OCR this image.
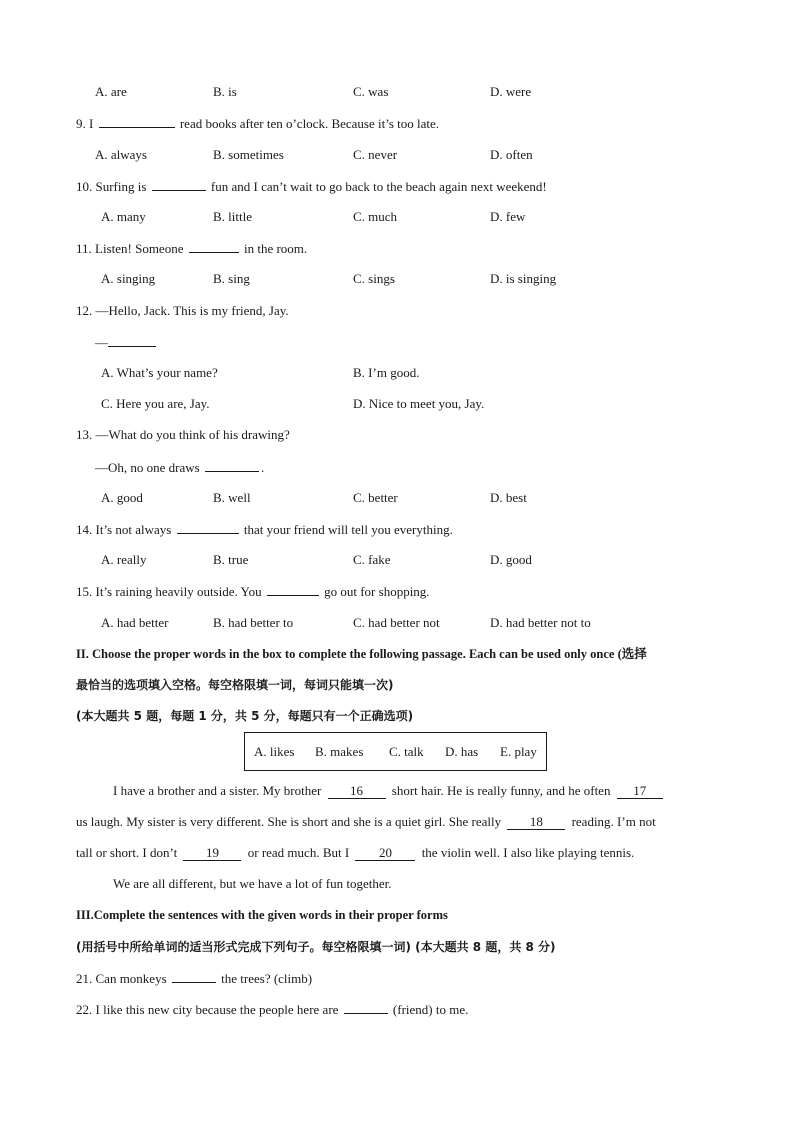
A. are	B. is	C. was	D. were
9. I	read books after ten o’clock. Because it’s too late.
A. always	B. sometimes	C. never	D. often
10. Surfing is	fun and I can’t wait to go back to the beach again next weekend!
A. many	B. little	C. much	D. few
11. Listen! Someone	in the room.
A. singing	B. sing	C. sings	D. is singing
12. —Hello, Jack. This is my friend, Jay.
—
A. What’s your name?	B. I’m good.
C. Here you are, Jay.	D. Nice to meet you, Jay.
13. —What do you think of his drawing?
—Oh, no one draws	.
A. good	B. well	C. better	D. best
14. It’s not always	that your friend will tell you everything.
A. really	B. true	C. fake	D. good
15. It’s raining heavily outside. You	go out for shopping.
A. had better	B. had better to	C. had better not	D. had better not to
II. Choose the proper words in the box to complete the following passage. Each can be used only once (选择
最恰当的选项填入空格。每空格限填一词，每词只能填一次)
(本大题共 5 题，每题 1 分，共 5 分，每题只有一个正确选项)
A. likes B. makes C. talk D. has E. play
I have a brother and a sister. My brother 16 short hair. He is really funny, and he often 17
us laugh. My sister is very different. She is short and she is a quiet girl. She really 18 reading. I’m not
tall or short. I don’t 19 or read much. But I 20 the violin well. I also like playing tennis.
We are all different, but we have a lot of fun together.
III.Complete the sentences with the given words in their proper forms
(用括号中所给单词的适当形式完成下列句子。每空格限填一词) (本大题共 8 题，共 8 分)
21. Can monkeys	the trees? (climb)
22. I like this new city because the people here are	(friend) to me.
